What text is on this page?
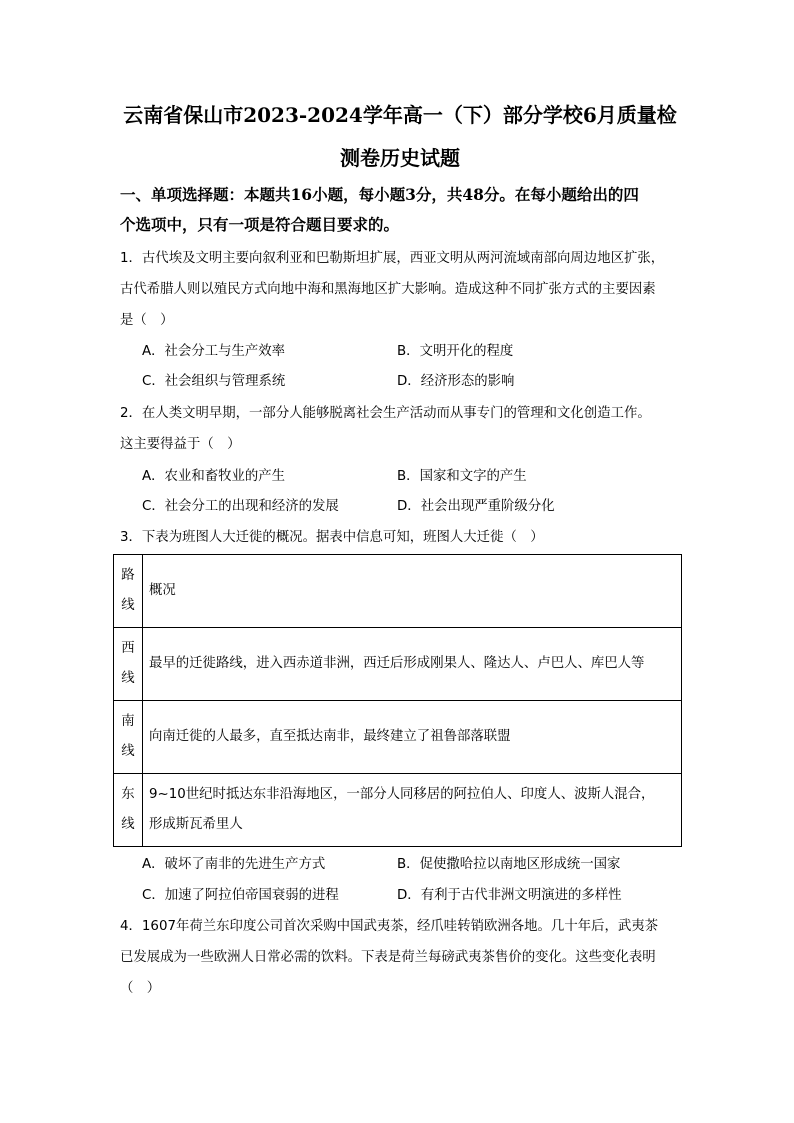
云南省保山市2023-2024学年高一（下）部分学校6月质量检
测卷历史试题
一、单项选择题：本题共16小题，每小题3分，共48分。在每小题给出的四
个选项中，只有一项是符合题目要求的。
1．古代埃及文明主要向叙利亚和巴勒斯坦扩展，西亚文明从两河流域南部向周边地区扩张，
古代希腊人则以殖民方式向地中海和黑海地区扩大影响。造成这种不同扩张方式的主要因素
是（　）
A．社会分工与生产效率	B．文明开化的程度
C．社会组织与管理系统	D．经济形态的影响
2．在人类文明早期，一部分人能够脱离社会生产活动而从事专门的管理和文化创造工作。
这主要得益于（　）
A．农业和畜牧业的产生	B．国家和文字的产生
C．社会分工的出现和经济的发展	D．社会出现严重阶级分化
3．下表为班图人大迁徙的概况。据表中信息可知，班图人大迁徙（　）
路
线	概况

西
线	最早的迁徙路线，进入西赤道非洲，西迁后形成刚果人、隆达人、卢巴人、库巴人等

南
线	向南迁徙的人最多，直至抵达南非，最终建立了祖鲁部落联盟

东
线	9~10世纪时抵达东非沿海地区，一部分人同移居的阿拉伯人、印度人、波斯人混合，
形成斯瓦希里人
A．破坏了南非的先进生产方式	B．促使撒哈拉以南地区形成统一国家
C．加速了阿拉伯帝国衰弱的进程	D．有利于古代非洲文明演进的多样性
4．1607年荷兰东印度公司首次采购中国武夷茶，经爪哇转销欧洲各地。几十年后，武夷茶
已发展成为一些欧洲人日常必需的饮料。下表是荷兰每磅武夷茶售价的变化。这些变化表明
（　）
